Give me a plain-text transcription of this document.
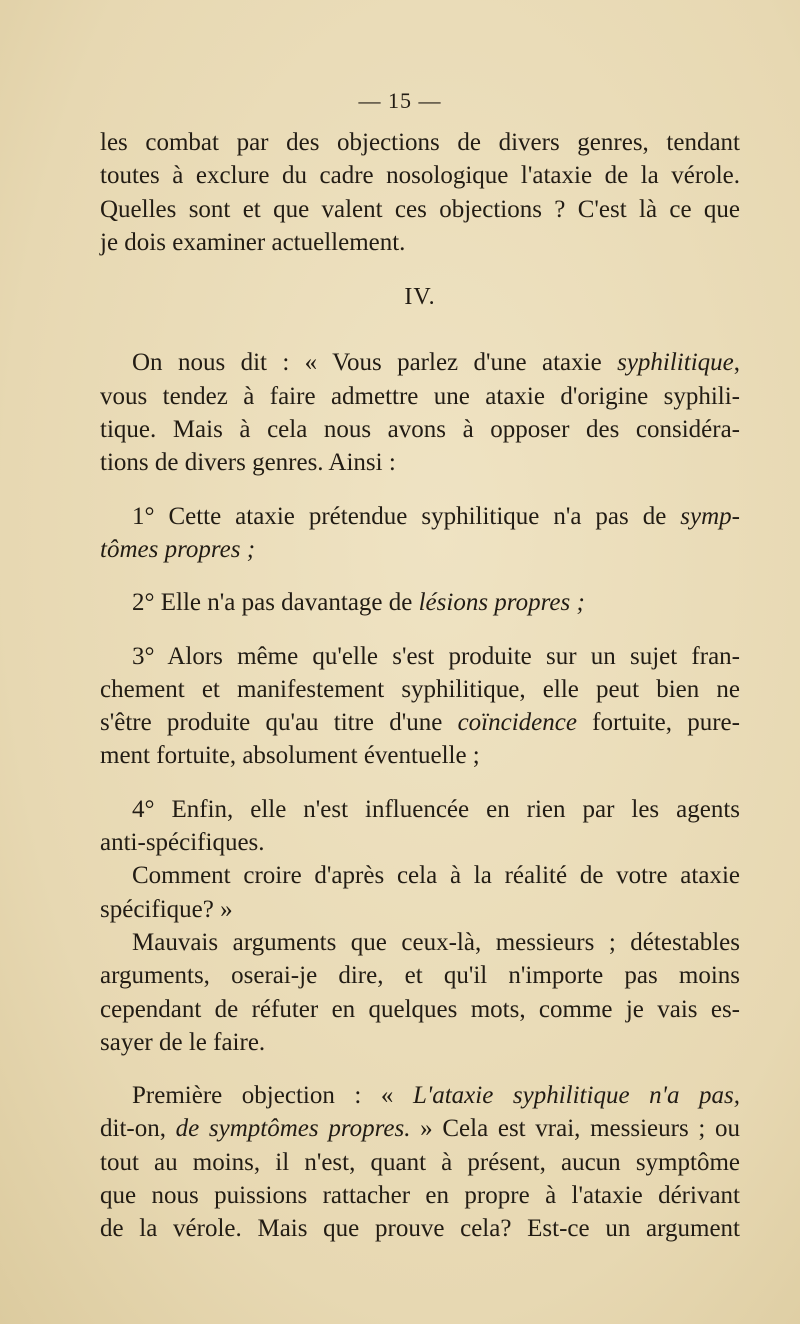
— 15 —
les combat par des objections de divers genres, tendant
toutes à exclure du cadre nosologique l'ataxie de la vérole.
Quelles sont et que valent ces objections ? C'est là ce que
je dois examiner actuellement.
IV.
On nous dit : « Vous parlez d'une ataxie syphilitique,
vous tendez à faire admettre une ataxie d'origine syphili-
tique. Mais à cela nous avons à opposer des considéra-
tions de divers genres. Ainsi :
1° Cette ataxie prétendue syphilitique n'a pas de symp-
tômes propres ;
2° Elle n'a pas davantage de lésions propres ;
3° Alors même qu'elle s'est produite sur un sujet fran-
chement et manifestement syphilitique, elle peut bien ne
s'être produite qu'au titre d'une coïncidence fortuite, pure-
ment fortuite, absolument éventuelle ;
4° Enfin, elle n'est influencée en rien par les agents
anti-spécifiques.
Comment croire d'après cela à la réalité de votre ataxie
spécifique? »
Mauvais arguments que ceux-là, messieurs ; détestables
arguments, oserai-je dire, et qu'il n'importe pas moins
cependant de réfuter en quelques mots, comme je vais es-
sayer de le faire.
Première objection : « L'ataxie syphilitique n'a pas,
dit-on, de symptômes propres. » Cela est vrai, messieurs ; ou
tout au moins, il n'est, quant à présent, aucun symptôme
que nous puissions rattacher en propre à l'ataxie dérivant
de la vérole. Mais que prouve cela? Est-ce un argument
